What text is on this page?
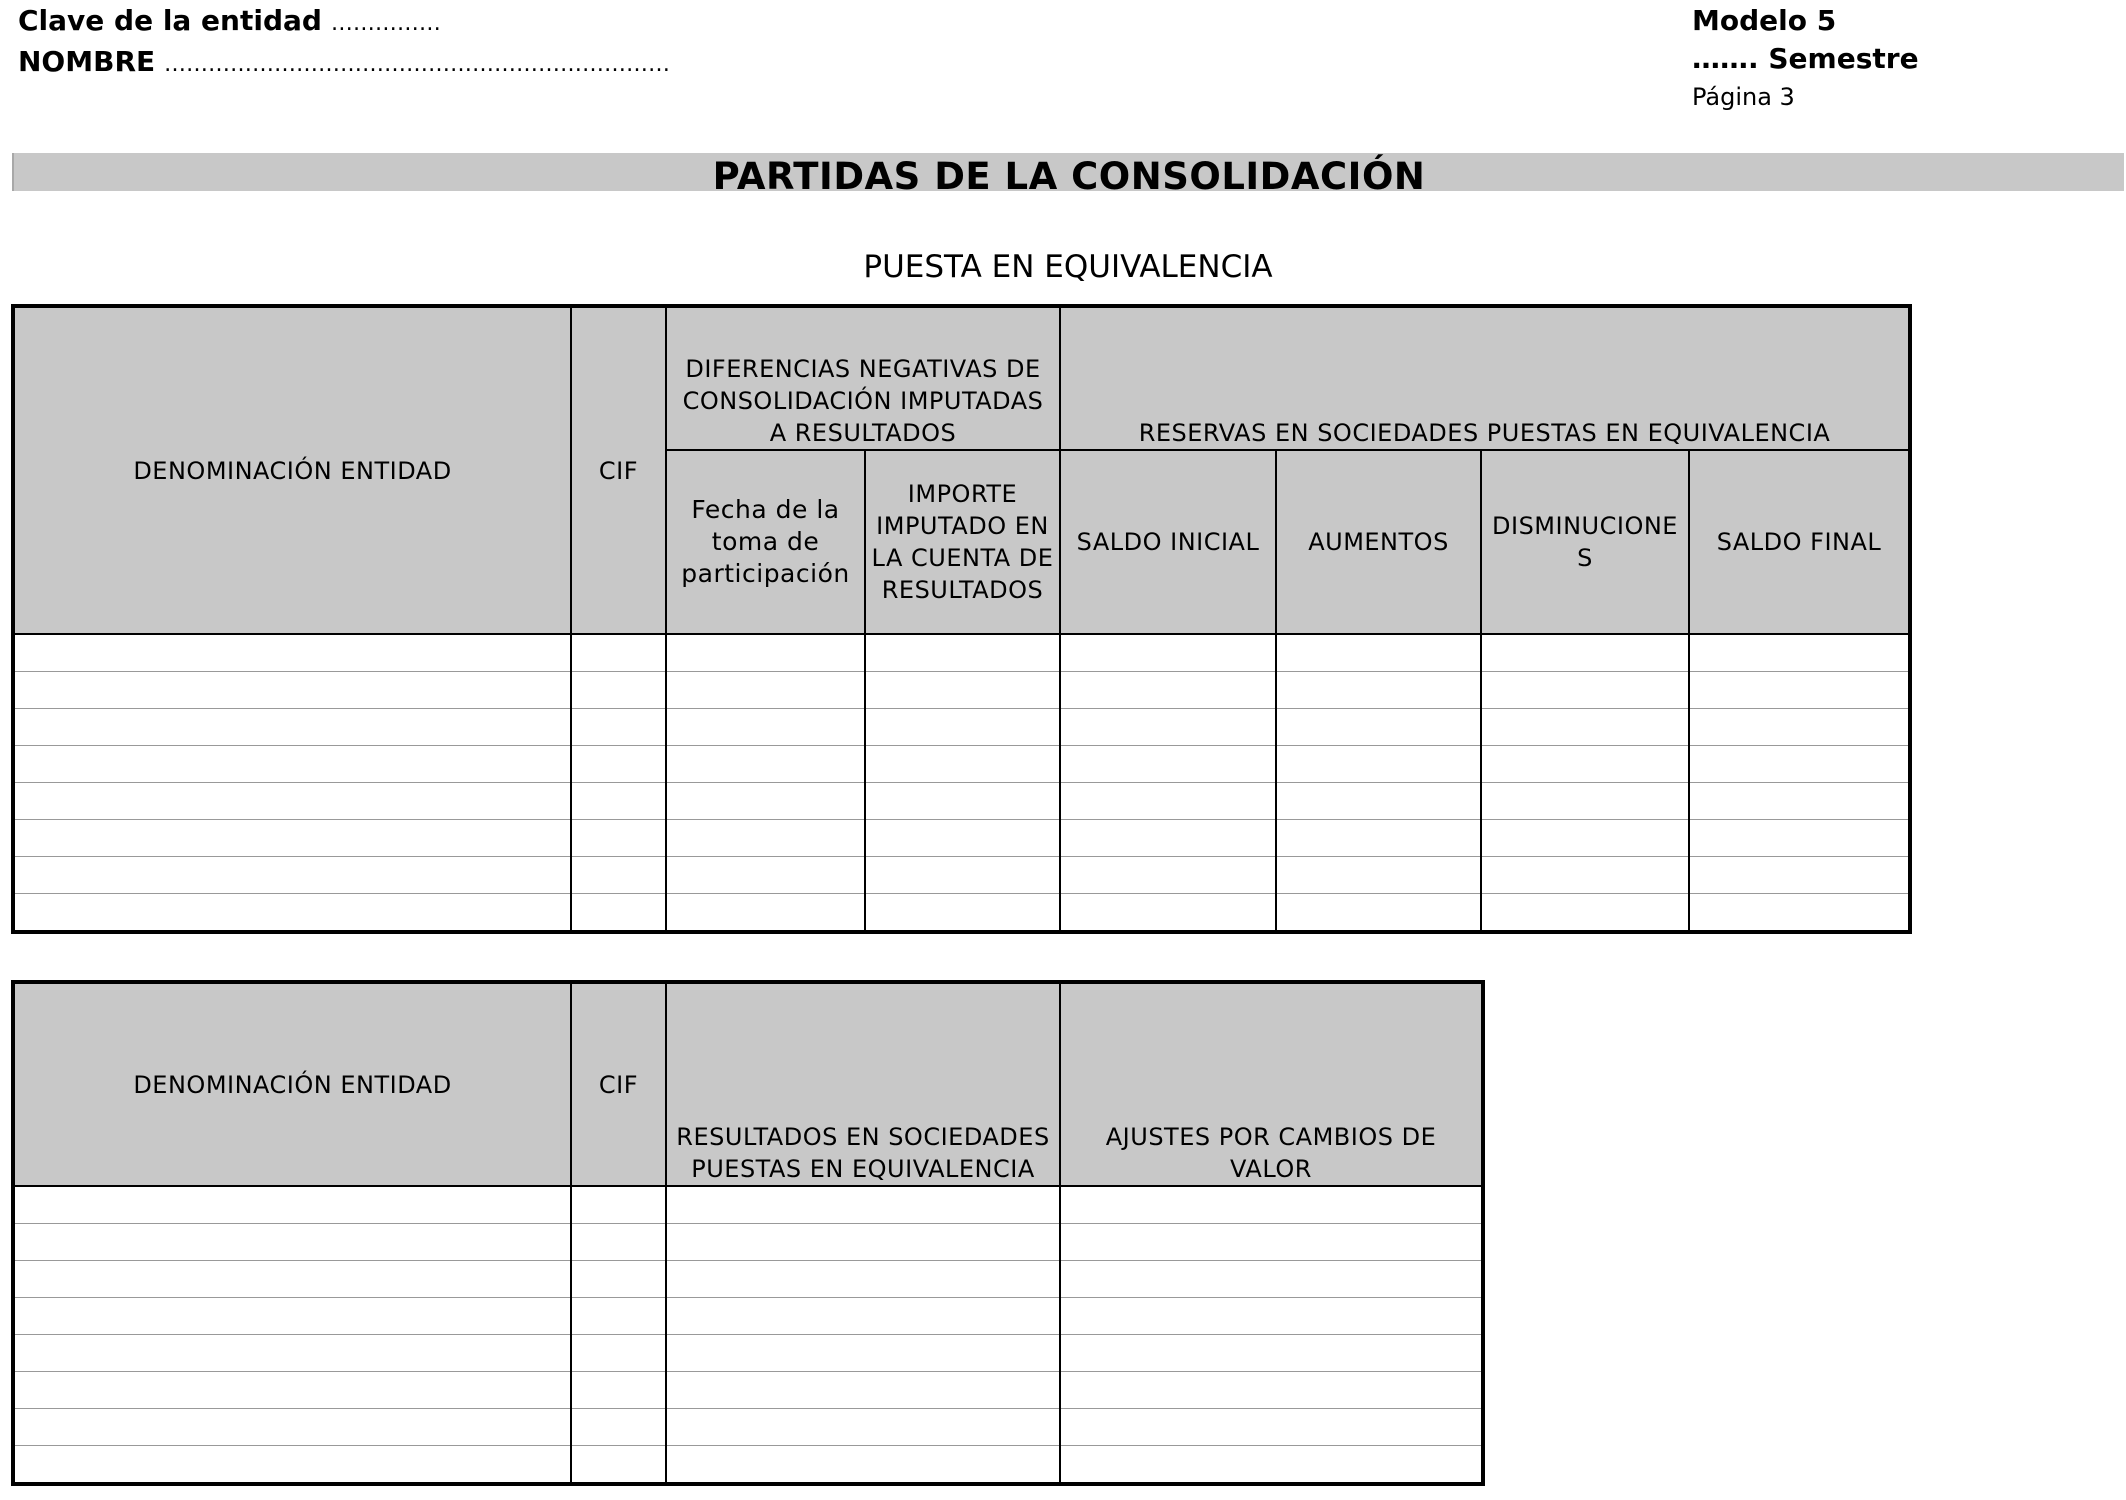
Clave de la entidad ……………
NOMBRE ……………………………………………………………
Modelo 5
……. Semestre
Página 3
PARTIDAS DE LA CONSOLIDACIÓN
PUESTA EN EQUIVALENCIA
DENOMINACIÓN ENTIDAD	CIF	DIFERENCIAS NEGATIVAS DE CONSOLIDACIÓN IMPUTADAS A RESULTADOS		RESERVAS EN SOCIEDADES PUESTAS EN EQUIVALENCIA			
		Fecha de la toma de participación	IMPORTE IMPUTADO EN LA CUENTA DE RESULTADOS	SALDO INICIAL	AUMENTOS	DISMINUCIONES	SALDO FINAL

DENOMINACIÓN ENTIDAD	CIF	RESULTADOS EN SOCIEDADES PUESTAS EN EQUIVALENCIA	AJUSTES POR CAMBIOS DE VALOR
